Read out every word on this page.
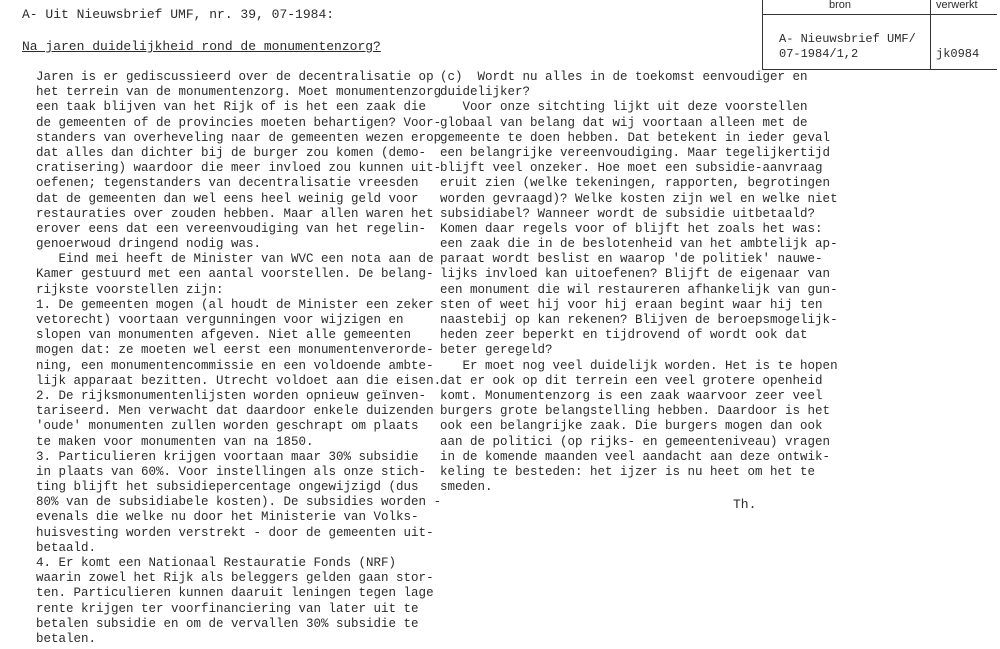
A- Uit Nieuwsbrief UMF, nr. 39, 07-1984:
Na jaren duidelijkheid rond de monumentenzorg?
bron	verwerkt
A- Nieuwsbrief UMF/
07-1984/1,2	jk0984
Jaren is er gediscussieerd over de decentralisatie op
het terrein van de monumentenzorg. Moet monumentenzorg
een taak blijven van het Rijk of is het een zaak die
de gemeenten of de provincies moeten behartigen? Voor-
standers van overheveling naar de gemeenten wezen erop
dat alles dan dichter bij de burger zou komen (demo-
cratisering) waardoor die meer invloed zou kunnen uit-
oefenen; tegenstanders van decentralisatie vreesden
dat de gemeenten dan wel eens heel weinig geld voor
restauraties over zouden hebben. Maar allen waren het
erover eens dat een vereenvoudiging van het regelin-
genoerwoud dringend nodig was.
Eind mei heeft de Minister van WVC een nota aan de
Kamer gestuurd met een aantal voorstellen. De belang-
rijkste voorstellen zijn:
1. De gemeenten mogen (al houdt de Minister een zeker
vetorecht) voortaan vergunningen voor wijzigen en
slopen van monumenten afgeven. Niet alle gemeenten
mogen dat: ze moeten wel eerst een monumentenverorde-
ning, een monumentencommissie en een voldoende ambte-
lijk apparaat bezitten. Utrecht voldoet aan die eisen.
2. De rijksmonumentenlijsten worden opnieuw geïnven-
tariseerd. Men verwacht dat daardoor enkele duizenden
'oude' monumenten zullen worden geschrapt om plaats
te maken voor monumenten van na 1850.
3. Particulieren krijgen voortaan maar 30% subsidie
in plaats van 60%. Voor instellingen als onze stich-
ting blijft het subsidiepercentage ongewijzigd (dus
80% van de subsidiabele kosten). De subsidies worden -
evenals die welke nu door het Ministerie van Volks-
huisvesting worden verstrekt - door de gemeenten uit-
betaald.
4. Er komt een Nationaal Restauratie Fonds (NRF)
waarin zowel het Rijk als beleggers gelden gaan stor-
ten. Particulieren kunnen daaruit leningen tegen lage
rente krijgen ter voorfinanciering van later uit te
betalen subsidie en om de vervallen 30% subsidie te
betalen.
(c)  Wordt nu alles in de toekomst eenvoudiger en
duidelijker?
Voor onze sitchting lijkt uit deze voorstellen
globaal van belang dat wij voortaan alleen met de
gemeente te doen hebben. Dat betekent in ieder geval
een belangrijke vereenvoudiging. Maar tegelijkertijd
blijft veel onzeker. Hoe moet een subsidie-aanvraag
eruit zien (welke tekeningen, rapporten, begrotingen
worden gevraagd)? Welke kosten zijn wel en welke niet
subsidiabel? Wanneer wordt de subsidie uitbetaald?
Komen daar regels voor of blijft het zoals het was:
een zaak die in de beslotenheid van het ambtelijk ap-
paraat wordt beslist en waarop 'de politiek' nauwe-
lijks invloed kan uitoefenen? Blijft de eigenaar van
een monument die wil restaureren afhankelijk van gun-
sten of weet hij voor hij eraan begint waar hij ten
naastebij op kan rekenen? Blijven de beroepsmogelijk-
heden zeer beperkt en tijdrovend of wordt ook dat
beter geregeld?
Er moet nog veel duidelijk worden. Het is te hopen
dat er ook op dit terrein een veel grotere openheid
komt. Monumentenzorg is een zaak waarvoor zeer veel
burgers grote belangstelling hebben. Daardoor is het
ook een belangrijke zaak. Die burgers mogen dan ook
aan de politici (op rijks- en gemeenteniveau) vragen
in de komende maanden veel aandacht aan deze ontwik-
keling te besteden: het ijzer is nu heet om het te
smeden.
Th.
